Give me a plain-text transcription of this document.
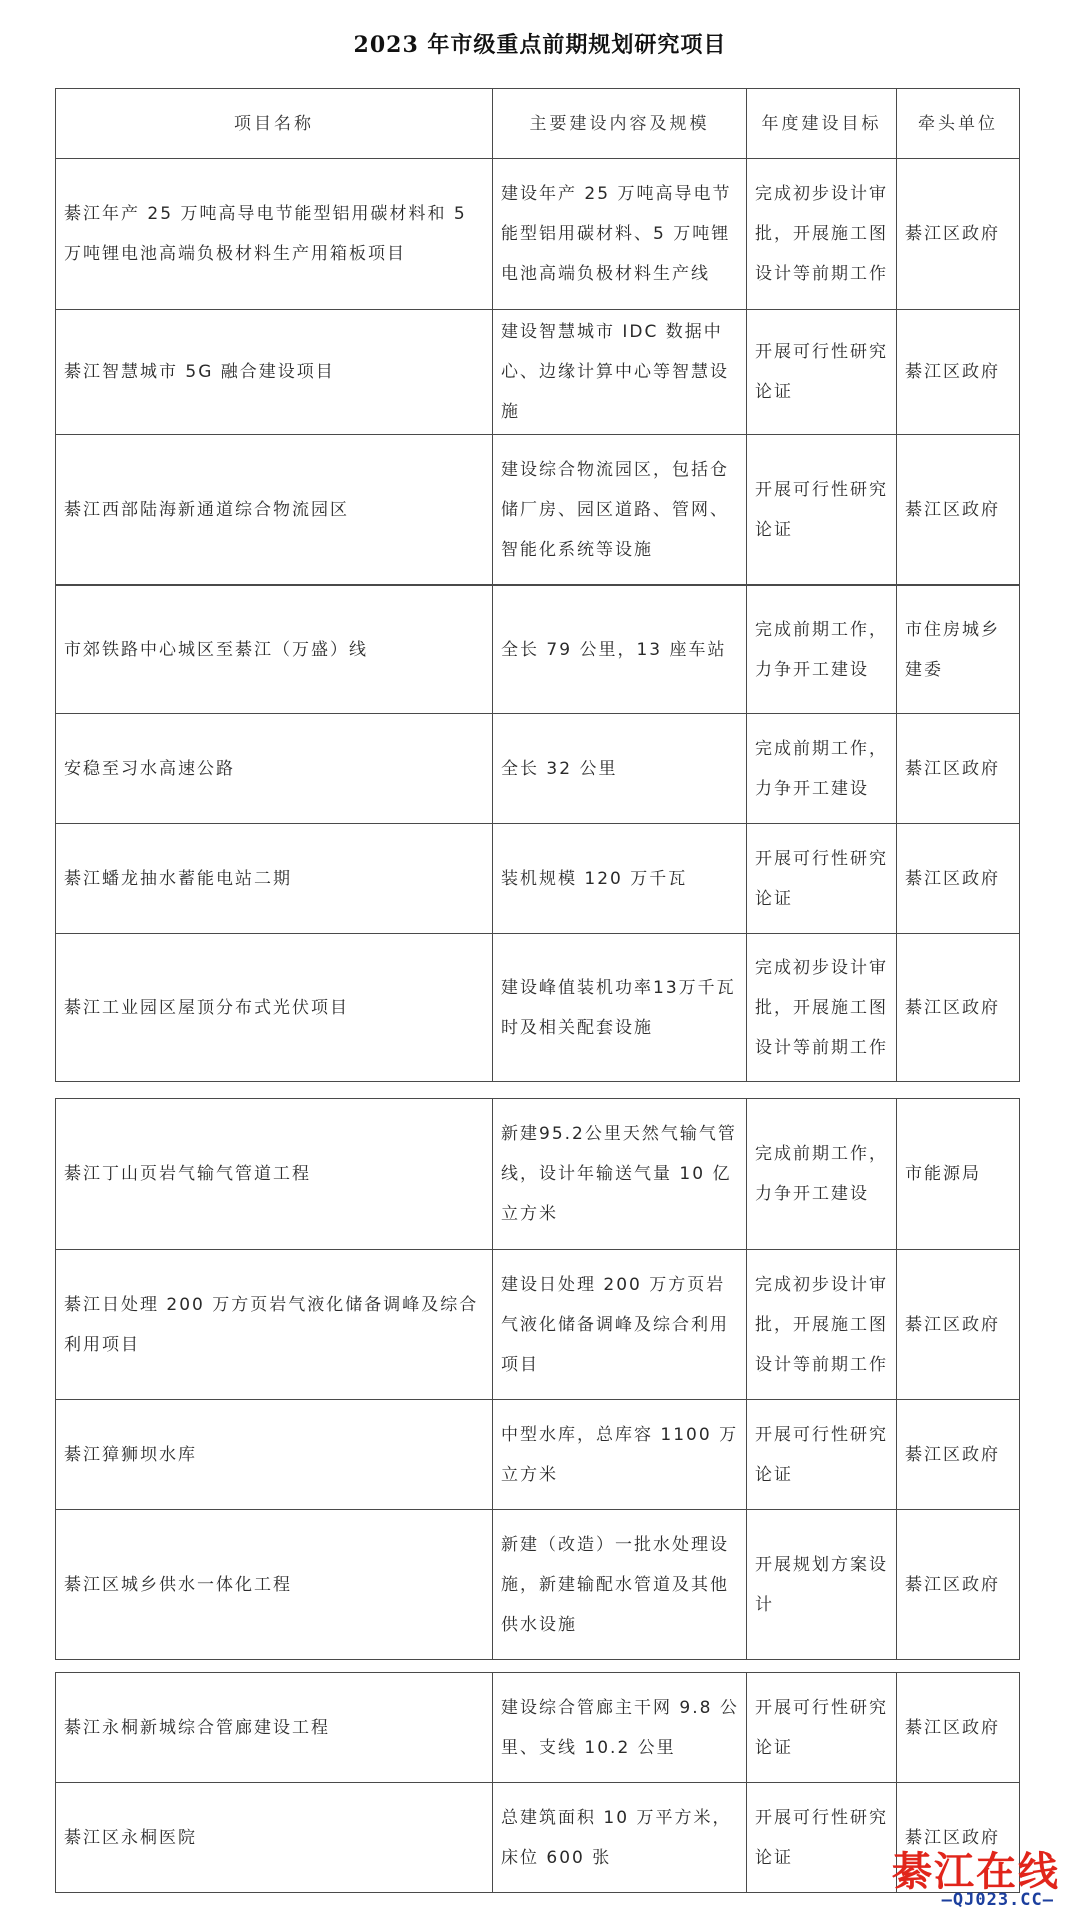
2023 年市级重点前期规划研究项目
项目名称	主要建设内容及规模	年度建设目标	牵头单位
綦江年产 25 万吨高导电节能型铝用碳材料和 5 万吨锂电池高端负极材料生产用箱板项目	建设年产 25 万吨高导电节能型铝用碳材料、5 万吨锂电池高端负极材料生产线	完成初步设计审批，开展施工图设计等前期工作	綦江区政府
綦江智慧城市 5G 融合建设项目	建设智慧城市 IDC 数据中心、边缘计算中心等智慧设施	开展可行性研究论证	綦江区政府
綦江西部陆海新通道综合物流园区	建设综合物流园区，包括仓储厂房、园区道路、管网、智能化系统等设施	开展可行性研究论证	綦江区政府
市郊铁路中心城区至綦江（万盛）线	全长 79 公里，13 座车站	完成前期工作，力争开工建设	市住房城乡建委
安稳至习水高速公路	全长 32 公里	完成前期工作，力争开工建设	綦江区政府
綦江蟠龙抽水蓄能电站二期	装机规模 120 万千瓦	开展可行性研究论证	綦江区政府
綦江工业园区屋顶分布式光伏项目	建设峰值装机功率13万千瓦时及相关配套设施	完成初步设计审批，开展施工图设计等前期工作	綦江区政府
綦江丁山页岩气输气管道工程	新建95.2公里天然气输气管线，设计年输送气量 10 亿立方米	完成前期工作，力争开工建设	市能源局
綦江日处理 200 万方页岩气液化储备调峰及综合利用项目	建设日处理 200 万方页岩气液化储备调峰及综合利用项目	完成初步设计审批，开展施工图设计等前期工作	綦江区政府
綦江獐狮坝水库	中型水库，总库容 1100 万立方米	开展可行性研究论证	綦江区政府
綦江区城乡供水一体化工程	新建（改造）一批水处理设施，新建输配水管道及其他供水设施	开展规划方案设计	綦江区政府
綦江永桐新城综合管廊建设工程	建设综合管廊主干网 9.8 公里、支线 10.2 公里	开展可行性研究论证	綦江区政府
綦江区永桐医院	总建筑面积 10 万平方米，床位 600 张	开展可行性研究论证	綦江区政府
綦江在线
—QJ023.CC—
